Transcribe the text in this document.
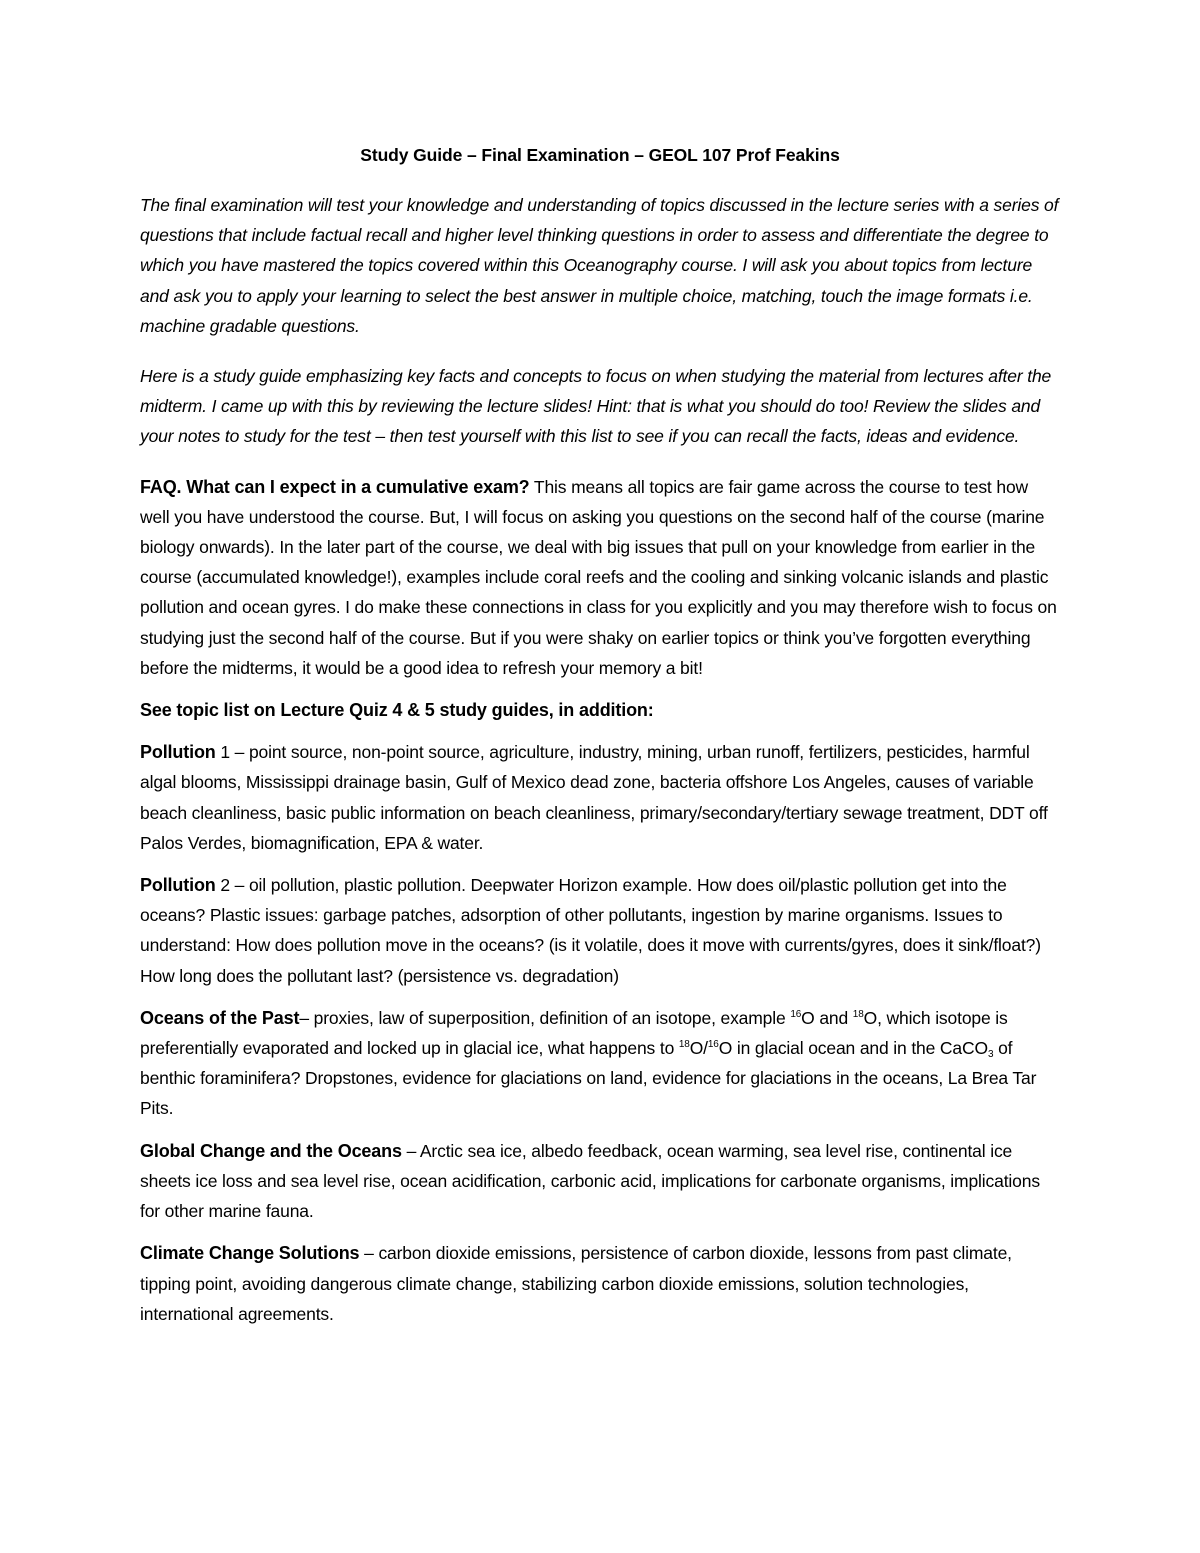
Study Guide – Final Examination – GEOL 107 Prof Feakins

The final examination will test your knowledge and understanding of topics discussed in the lecture series with a series of questions that include factual recall and higher level thinking questions in order to assess and differentiate the degree to which you have mastered the topics covered within this Oceanography course. I will ask you about topics from lecture and ask you to apply your learning to select the best answer in multiple choice, matching, touch the image formats i.e. machine gradable questions.

Here is a study guide emphasizing key facts and concepts to focus on when studying the material from lectures after the midterm. I came up with this by reviewing the lecture slides! Hint: that is what you should do too! Review the slides and your notes to study for the test – then test yourself with this list to see if you can recall the facts, ideas and evidence.

FAQ. What can I expect in a cumulative exam? This means all topics are fair game across the course to test how well you have understood the course. But, I will focus on asking you questions on the second half of the course (marine biology onwards). In the later part of the course, we deal with big issues that pull on your knowledge from earlier in the course (accumulated knowledge!), examples include coral reefs and the cooling and sinking volcanic islands and plastic pollution and ocean gyres. I do make these connections in class for you explicitly and you may therefore wish to focus on studying just the second half of the course. But if you were shaky on earlier topics or think you’ve forgotten everything before the midterms, it would be a good idea to refresh your memory a bit!

See topic list on Lecture Quiz 4 & 5 study guides, in addition:

Pollution 1 – point source, non-point source, agriculture, industry, mining, urban runoff, fertilizers, pesticides, harmful algal blooms, Mississippi drainage basin, Gulf of Mexico dead zone, bacteria offshore Los Angeles, causes of variable beach cleanliness, basic public information on beach cleanliness, primary/secondary/tertiary sewage treatment, DDT off Palos Verdes, biomagnification, EPA & water.

Pollution 2 – oil pollution, plastic pollution. Deepwater Horizon example. How does oil/plastic pollution get into the oceans? Plastic issues: garbage patches, adsorption of other pollutants, ingestion by marine organisms. Issues to understand: How does pollution move in the oceans? (is it volatile, does it move with currents/gyres, does it sink/float?) How long does the pollutant last? (persistence vs. degradation)

Oceans of the Past– proxies, law of superposition, definition of an isotope, example $^{16}$O and $^{18}$O, which isotope is preferentially evaporated and locked up in glacial ice, what happens to $^{18}$O/$^{16}$O in glacial ocean and in the CaCO$_3$ of benthic foraminifera? Dropstones, evidence for glaciations on land, evidence for glaciations in the oceans, La Brea Tar Pits.

Global Change and the Oceans – Arctic sea ice, albedo feedback, ocean warming, sea level rise, continental ice sheets ice loss and sea level rise, ocean acidification, carbonic acid, implications for carbonate organisms, implications for other marine fauna.

Climate Change Solutions – carbon dioxide emissions, persistence of carbon dioxide, lessons from past climate, tipping point, avoiding dangerous climate change, stabilizing carbon dioxide emissions, solution technologies, international agreements.
